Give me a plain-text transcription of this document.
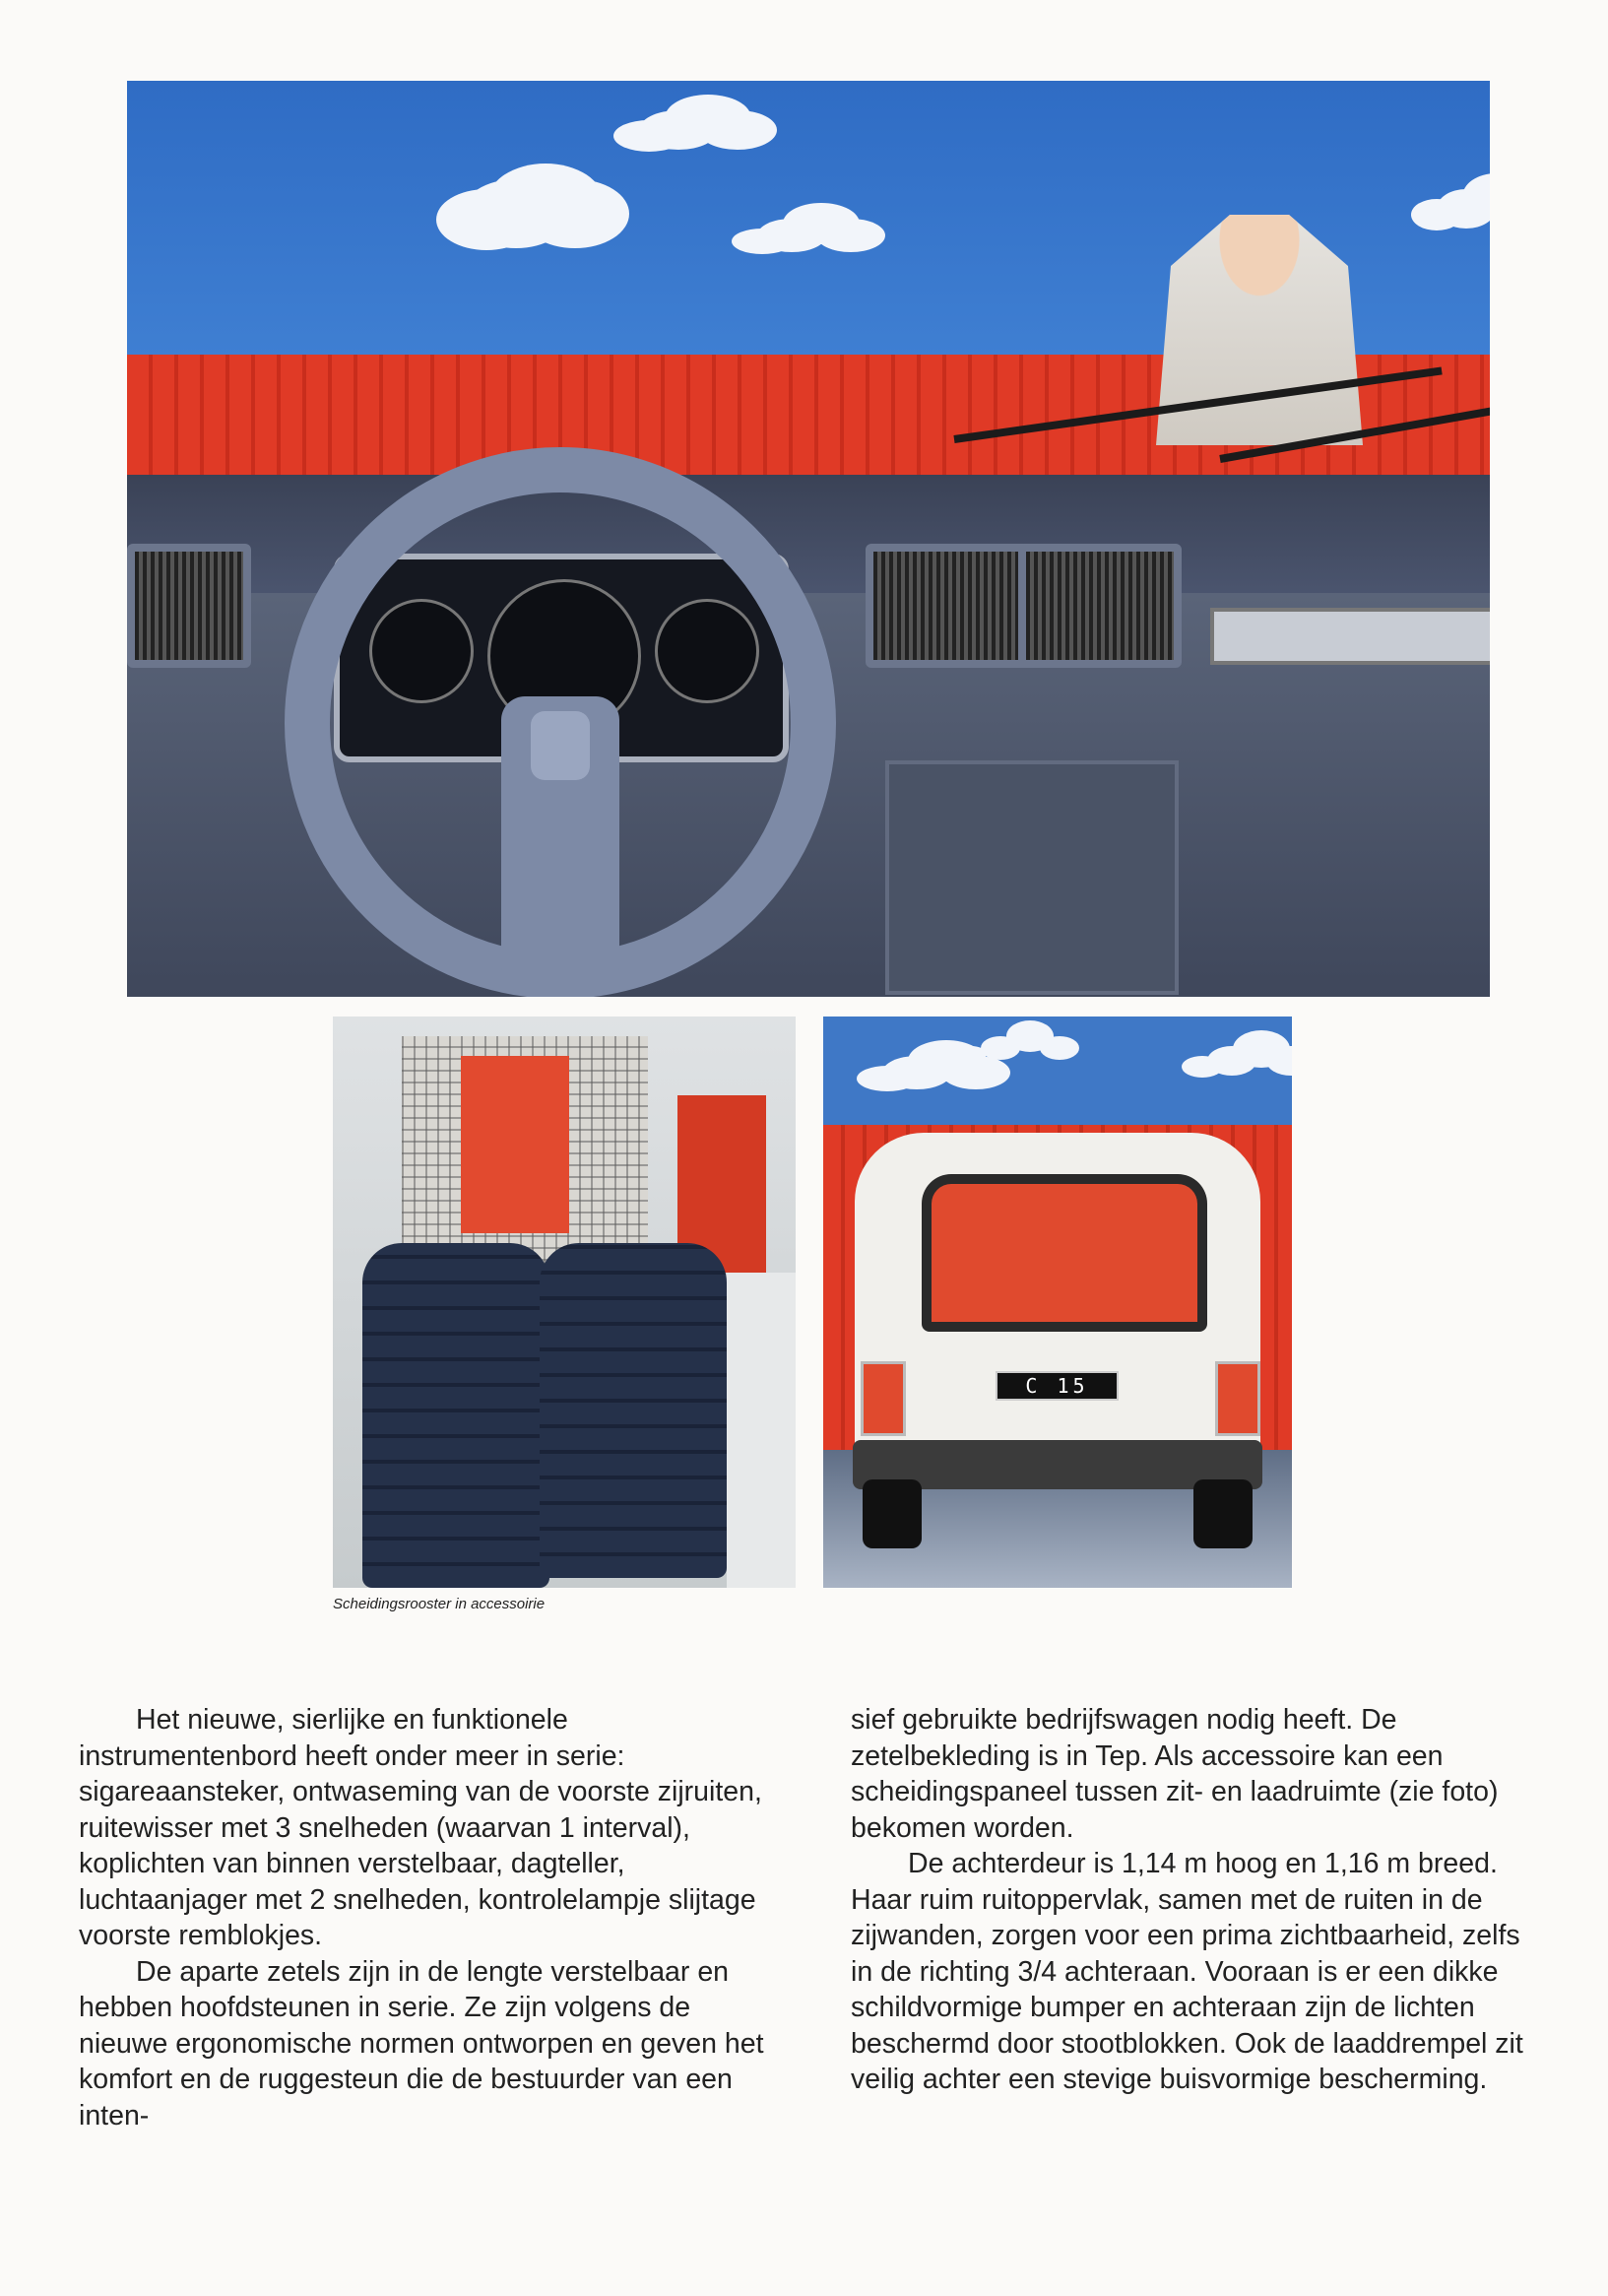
Scheidingsrooster in accessoirie
C 15

Het nieuwe, sierlijke en funktionele instrumentenbord heeft onder meer in serie: sigareaansteker, ontwaseming van de voorste zijruiten, ruitewisser met 3 snelheden (waarvan 1 interval), koplichten van binnen verstelbaar, dagteller, luchtaanjager met 2 snelheden, kontrolelampje slijtage voorste remblokjes.

De aparte zetels zijn in de lengte verstelbaar en hebben hoofdsteunen in serie. Ze zijn volgens de nieuwe ergonomische normen ontworpen en geven het komfort en de ruggesteun die de bestuurder van een inten-

sief gebruikte bedrijfswagen nodig heeft. De zetelbekleding is in Tep. Als accessoire kan een scheidingspaneel tussen zit- en laadruimte (zie foto) bekomen worden.

De achterdeur is 1,14 m hoog en 1,16 m breed. Haar ruim ruitoppervlak, samen met de ruiten in de zijwanden, zorgen voor een prima zichtbaarheid, zelfs in de richting 3/4 achteraan. Vooraan is er een dikke schildvormige bumper en achteraan zijn de lichten beschermd door stootblokken. Ook de laaddrempel zit veilig achter een stevige buisvormige bescherming.
